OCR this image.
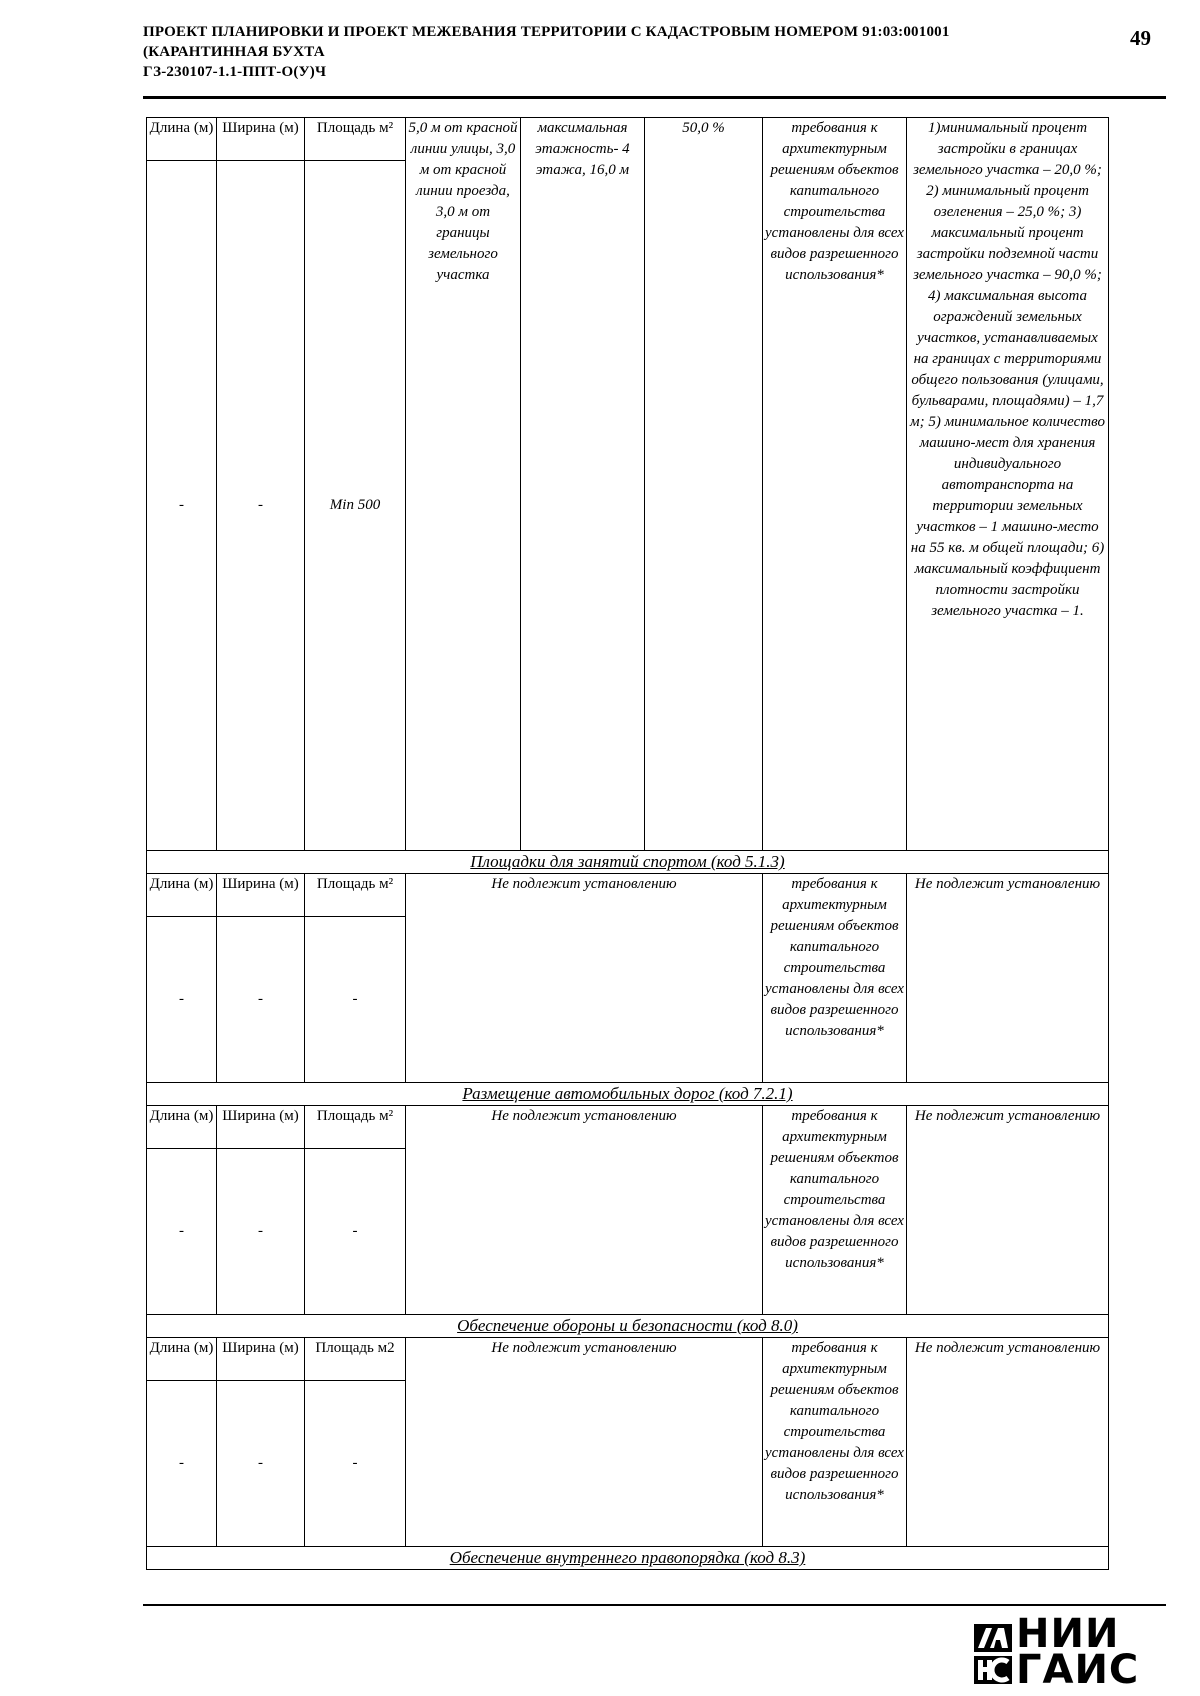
ПРОЕКТ ПЛАНИРОВКИ И ПРОЕКТ МЕЖЕВАНИЯ ТЕРРИТОРИИ С КАДАСТРОВЫМ НОМЕРОМ 91:03:001001
(КАРАНТИННАЯ БУХТА
ГЗ-230107-1.1-ППТ-О(У)Ч
49
Длина (м)	Ширина (м)	Площадь м²	5,0 м от красной линии улицы, 3,0 м от красной линии проезда, 3,0 м от границы земельного участка	максимальная этажность- 4 этажа, 16,0 м	50,0 %	требования к архитектурным решениям объектов капитального строительства установлены для всех видов разрешенного использования*	1)минимальный процент застройки в границах земельного участка – 20,0 %; 2) минимальный процент озеленения – 25,0 %; 3) максимальный процент застройки подземной части земельного участка – 90,0 %; 4) максимальная высота ограждений земельных участков, устанавливаемых на границах с территориями общего пользования (улицами, бульварами, площадями) – 1,7 м; 5) минимальное количество машино-мест для хранения индивидуального автотранспорта на территории земельных участков – 1 машино-место на 55 кв. м общей площади; 6) максимальный коэффициент плотности застройки земельного участка – 1.
-	-	Min 500					
Площадки для занятий спортом (код 5.1.3)							
Длина (м)	Ширина (м)	Площадь м²	Не подлежит установлению			требования к архитектурным решениям объектов капитального строительства установлены для всех видов разрешенного использования*	Не подлежит установлению
-	-	-					
Размещение автомобильных дорог (код 7.2.1)							
Длина (м)	Ширина (м)	Площадь м²	Не подлежит установлению			требования к архитектурным решениям объектов капитального строительства установлены для всех видов разрешенного использования*	Не подлежит установлению
-	-	-					
Обеспечение обороны и безопасности (код 8.0)							
Длина (м)	Ширина (м)	Площадь м2	Не подлежит установлению			требования к архитектурным решениям объектов капитального строительства установлены для всех видов разрешенного использования*	Не подлежит установлению
-	-	-					
Обеспечение внутреннего правопорядка (код 8.3)							
НИИ
ГАИС
